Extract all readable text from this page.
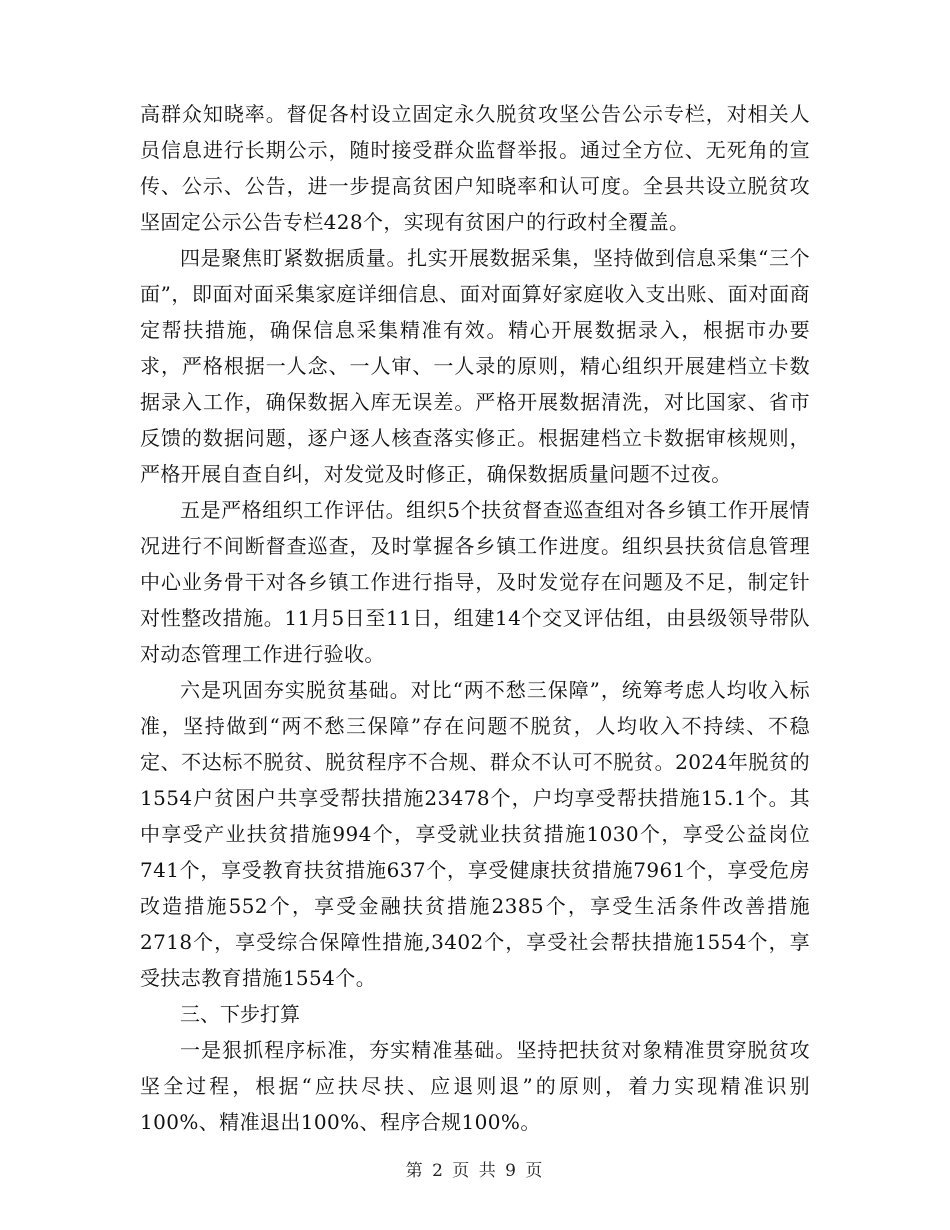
高群众知晓率。督促各村设立固定永久脱贫攻坚公告公示专栏，对相关人员信息进行长期公示，随时接受群众监督举报。通过全方位、无死角的宣传、公示、公告，进一步提高贫困户知晓率和认可度。全县共设立脱贫攻坚固定公示公告专栏428个，实现有贫困户的行政村全覆盖。

四是聚焦盯紧数据质量。扎实开展数据采集，坚持做到信息采集“三个面”，即面对面采集家庭详细信息、面对面算好家庭收入支出账、面对面商定帮扶措施，确保信息采集精准有效。精心开展数据录入，根据市办要求，严格根据一人念、一人审、一人录的原则，精心组织开展建档立卡数据录入工作，确保数据入库无误差。严格开展数据清洗，对比国家、省市反馈的数据问题，逐户逐人核查落实修正。根据建档立卡数据审核规则，严格开展自查自纠，对发觉及时修正，确保数据质量问题不过夜。

五是严格组织工作评估。组织5个扶贫督查巡查组对各乡镇工作开展情况进行不间断督查巡查，及时掌握各乡镇工作进度。组织县扶贫信息管理中心业务骨干对各乡镇工作进行指导，及时发觉存在问题及不足，制定针对性整改措施。11月5日至11日，组建14个交叉评估组，由县级领导带队对动态管理工作进行验收。

六是巩固夯实脱贫基础。对比“两不愁三保障”，统筹考虑人均收入标准，坚持做到“两不愁三保障”存在问题不脱贫，人均收入不持续、不稳定、不达标不脱贫、脱贫程序不合规、群众不认可不脱贫。2024年脱贫的1554户贫困户共享受帮扶措施23478个，户均享受帮扶措施15.1个。其中享受产业扶贫措施994个，享受就业扶贫措施1030个，享受公益岗位741个，享受教育扶贫措施637个，享受健康扶贫措施7961个，享受危房改造措施552个，享受金融扶贫措施2385个，享受生活条件改善措施2718个，享受综合保障性措施,3402个，享受社会帮扶措施1554个，享受扶志教育措施1554个。

三、下步打算

一是狠抓程序标准，夯实精准基础。坚持把扶贫对象精准贯穿脱贫攻坚全过程，根据“应扶尽扶、应退则退”的原则，着力实现精准识别100%、精准退出100%、程序合规100%。

第 2 页 共 9 页
